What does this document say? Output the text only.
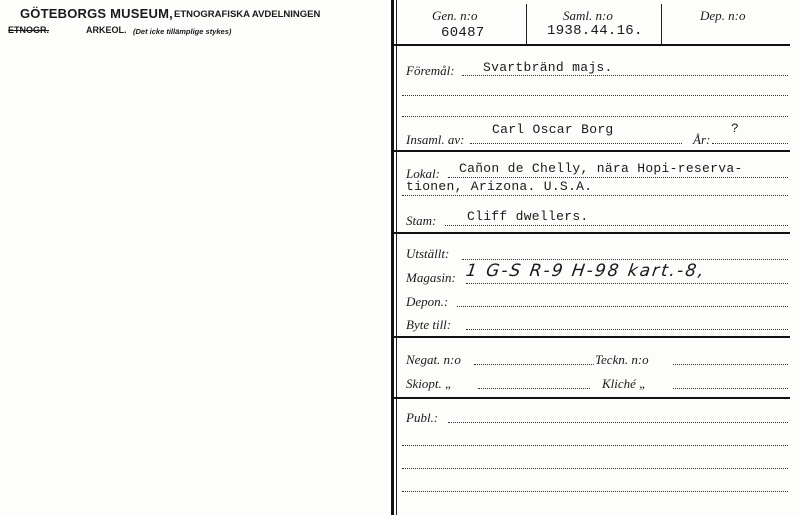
GÖTEBORGS MUSEUM, ETNOGRAFISKA AVDELNINGEN
ETNOGR.	ARKEOL. (Det icke tillämplige stykes)
Gen. n:o
60487
Saml. n:o
1938.44.16.
Dep. n:o
Föremål: Svartbränd majs.
Insaml. av:
Carl Oscar Borg
År:
?
Lokal: Cañon de Chelly, nära Hopi-reserva-
tionen, Arizona. U.S.A.
Stam: Cliff dwellers.
Utställt:
Magasin: 1 G-S R-9 H-98 kart.-8,
Depon.:
Byte till:
Negat. n:o	Teckn. n:o
Skiopt. „	Kliché „
Publ.:
